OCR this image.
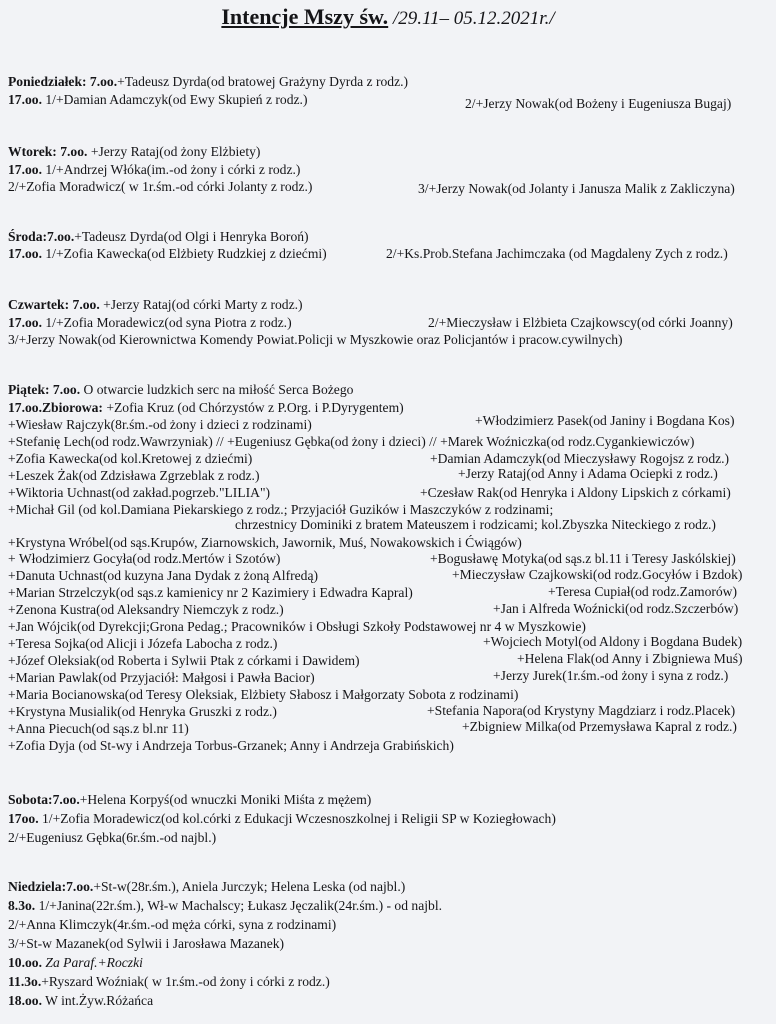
Intencje Mszy św. /29.11– 05.12.2021r./
Poniedziałek: 7.oo.+Tadeusz Dyrda(od bratowej Grażyny Dyrda z rodz.)
17.oo. 1/+Damian Adamczyk(od Ewy Skupień z rodz.)	2/+Jerzy Nowak(od Bożeny i Eugeniusza Bugaj)
Wtorek: 7.oo. +Jerzy Rataj(od żony Elżbiety)
17.oo. 1/+Andrzej Włóka(im.-od żony i córki z rodz.)
2/+Zofia Moradwicz( w 1r.śm.-od córki Jolanty z rodz.)	3/+Jerzy Nowak(od Jolanty i Janusza Malik z Zakliczyna)
Środa:7.oo.+Tadeusz Dyrda(od Olgi i Henryka Boroń)
17.oo. 1/+Zofia Kawecka(od Elżbiety Rudzkiej z dziećmi)	2/+Ks.Prob.Stefana Jachimczaka (od Magdaleny Zych z rodz.)
Czwartek: 7.oo. +Jerzy Rataj(od córki Marty z rodz.)
17.oo. 1/+Zofia Moradewicz(od syna Piotra z rodz.)	2/+Mieczysław i Elżbieta Czajkowscy(od córki Joanny)
3/+Jerzy Nowak(od Kierownictwa Komendy Powiat.Policji w Myszkowie oraz Policjantów i pracow.cywilnych)
Piątek: 7.oo. O otwarcie ludzkich serc na miłość Serca Bożego
17.oo.Zbiorowa: +Zofia Kruz (od Chórzystów z P.Org. i P.Dyrygentem)
+Włodzimierz Pasek(od Janiny i Bogdana Kos)
+Wiesław Rajczyk(8r.śm.-od żony i dzieci z rodzinami)
+Stefanię Lech(od rodz.Wawrzyniak) // +Eugeniusz Gębka(od żony i dzieci) // +Marek Woźniczka(od rodz.Cygankiewiczów)
+Zofia Kawecka(od kol.Kretowej z dziećmi)	+Damian Adamczyk(od Mieczysławy Rogojsz z rodz.)
+Leszek Żak(od Zdzisława Zgrzeblak z rodz.)	+Jerzy Rataj(od Anny i Adama Ociepki z rodz.)
+Wiktoria Uchnast(od zakład.pogrzeb."LILIA")	+Czesław Rak(od Henryka i Aldony Lipskich z córkami)
+Michał Gil (od kol.Damiana Piekarskiego z rodz.; Przyjaciół Guzików i Maszczyków z rodzinami;
chrzestnicy Dominiki z bratem Mateuszem i rodzicami; kol.Zbyszka Niteckiego z rodz.)
+Krystyna Wróbel(od sąs.Krupów, Ziarnowskich, Jawornik, Muś, Nowakowskich i Ćwiągów)
+ Włodzimierz Gocyła(od rodz.Mertów i Szotów)	+Bogusławę Motyka(od sąs.z bl.11 i Teresy Jaskólskiej)
+Danuta Uchnast(od kuzyna Jana Dydak z żoną Alfredą)	+Mieczysław Czajkowski(od rodz.Gocyłów i Bzdok)
+Marian Strzelczyk(od sąs.z kamienicy nr 2 Kazimiery i Edwadra Kapral)	+Teresa Cupiał(od rodz.Zamorów)
+Zenona Kustra(od Aleksandry Niemczyk z rodz.)	+Jan i Alfreda Woźnicki(od rodz.Szczerbów)
+Jan Wójcik(od Dyrekcji;Grona Pedag.; Pracowników i Obsługi Szkoły Podstawowej nr 4 w Myszkowie)
+Teresa Sojka(od Alicji i Józefa Labocha z rodz.)	+Wojciech Motyl(od Aldony i Bogdana Budek)
+Józef Oleksiak(od Roberta i Sylwii Ptak z córkami i Dawidem)	+Helena Flak(od Anny i Zbigniewa Muś)
+Marian Pawlak(od Przyjaciół: Małgosi i Pawła Bacior)	+Jerzy Jurek(1r.śm.-od żony i syna z rodz.)
+Maria Bocianowska(od Teresy Oleksiak, Elżbiety Słabosz i Małgorzaty Sobota z rodzinami)
+Krystyna Musialik(od Henryka Gruszki z rodz.)	+Stefania Napora(od Krystyny Magdziarz i rodz.Placek)
+Anna Piecuch(od sąs.z bl.nr 11)	+Zbigniew Milka(od Przemysława Kapral z rodz.)
+Zofia Dyja (od St-wy i Andrzeja Torbus-Grzanek; Anny i Andrzeja Grabińskich)
Sobota:7.oo.+Helena Korpyś(od wnuczki Moniki Miśta z mężem)
17oo. 1/+Zofia Moradewicz(od kol.córki z Edukacji Wczesnoszkolnej i Religii SP w Koziegłowach)
2/+Eugeniusz Gębka(6r.śm.-od najbl.)
Niedziela:7.oo.+St-w(28r.śm.), Aniela Jurczyk; Helena Leska (od najbl.)
8.3o. 1/+Janina(22r.śm.), Wł-w Machalscy; Łukasz Jęczalik(24r.śm.) - od najbl.
2/+Anna Klimczyk(4r.śm.-od męża córki, syna z rodzinami)
3/+St-w Mazanek(od Sylwii i Jarosława Mazanek)
10.oo. Za Paraf.+Roczki
11.3o.+Ryszard Woźniak( w 1r.śm.-od żony i córki z rodz.)
18.oo. W int.Żyw.Różańca
